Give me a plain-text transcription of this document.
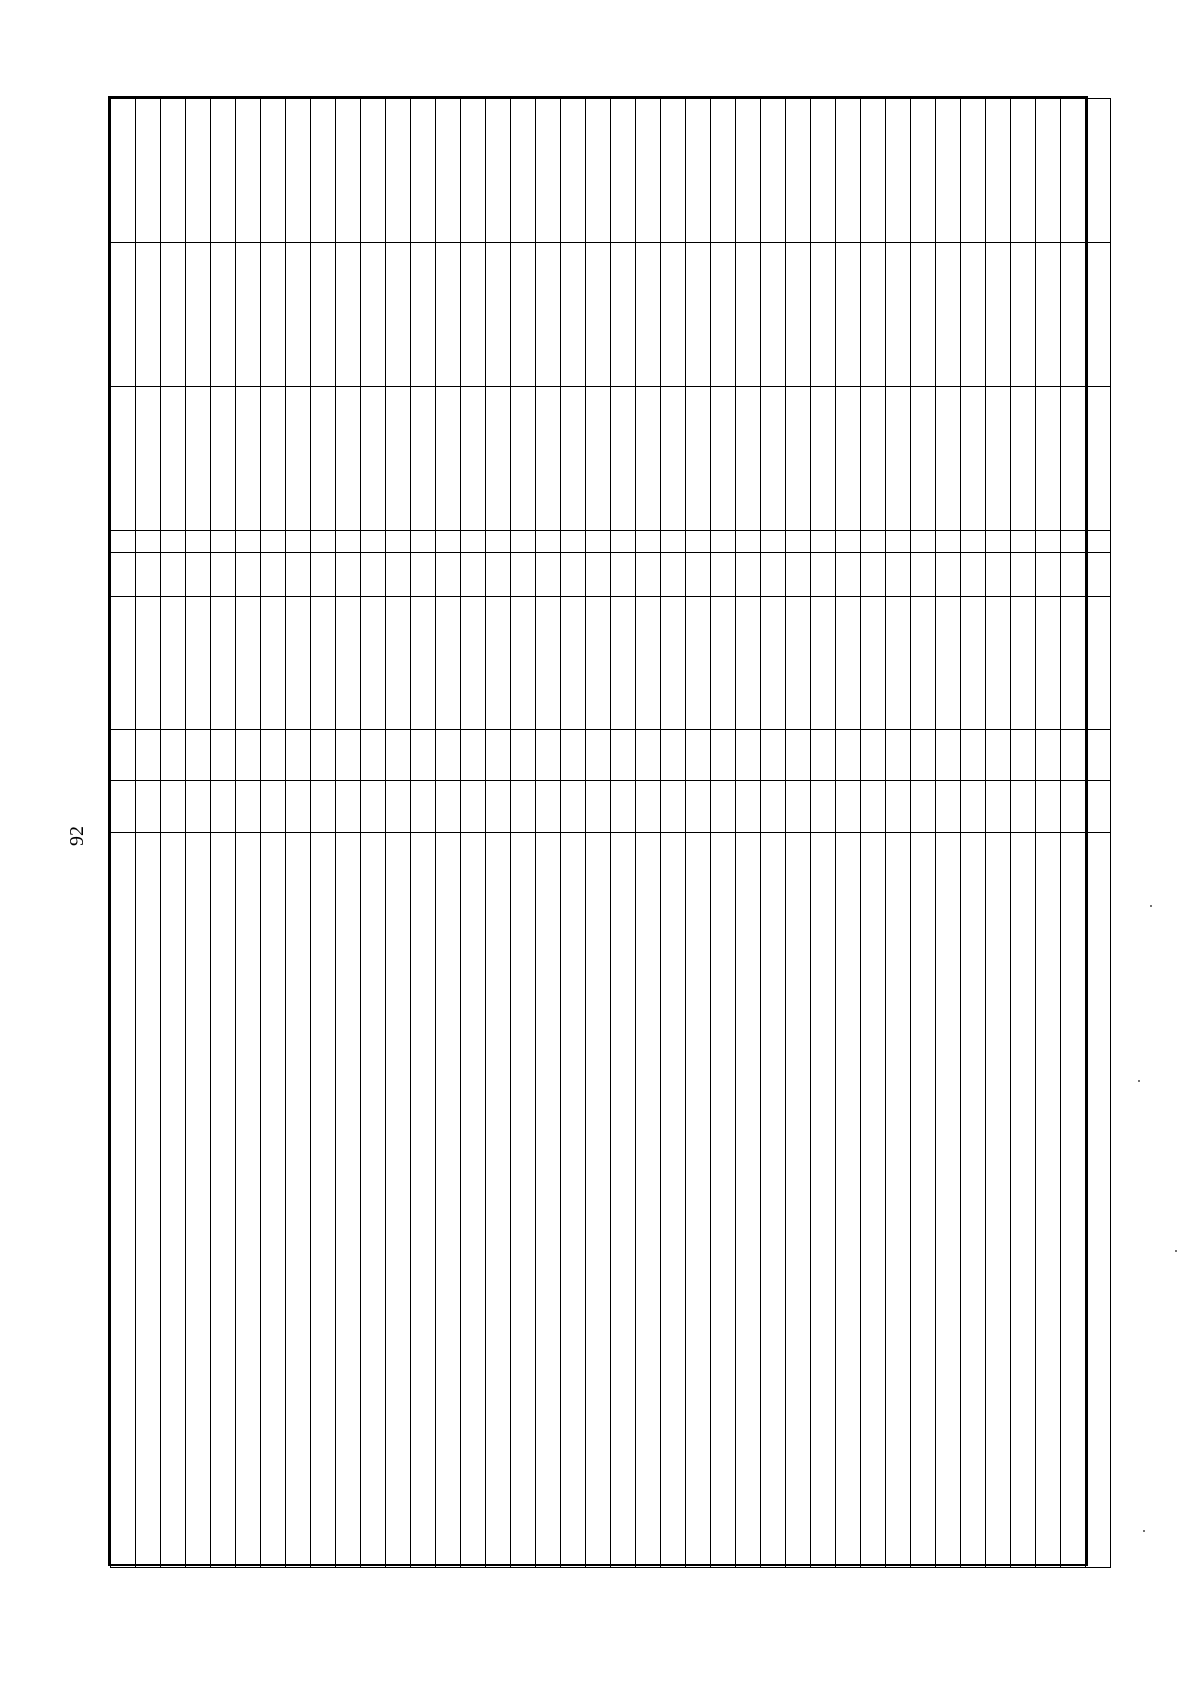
92
